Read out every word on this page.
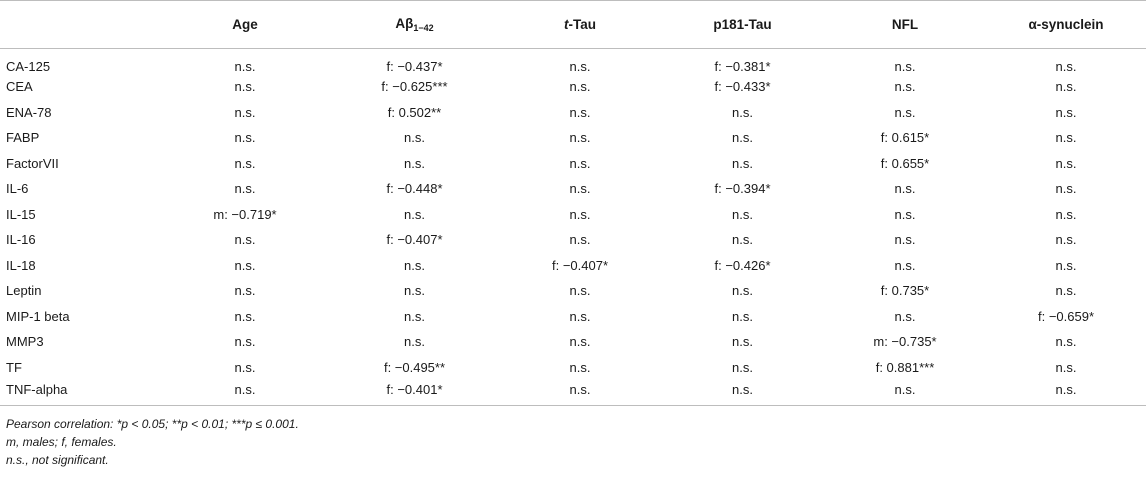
	Age	$A\beta_{1-42}$	t-Tau	p181-Tau	NFL	α-synuclein
CA-125	n.s.	f: −0.437*	n.s.	f: −0.381*	n.s.	n.s.
CEA	n.s.	f: −0.625***	n.s.	f: −0.433*	n.s.	n.s.
ENA-78	n.s.	f: 0.502**	n.s.	n.s.	n.s.	n.s.
FABP	n.s.	n.s.	n.s.	n.s.	f: 0.615*	n.s.
FactorVII	n.s.	n.s.	n.s.	n.s.	f: 0.655*	n.s.
IL-6	n.s.	f: −0.448*	n.s.	f: −0.394*	n.s.	n.s.
IL-15	m: −0.719*	n.s.	n.s.	n.s.	n.s.	n.s.
IL-16	n.s.	f: −0.407*	n.s.	n.s.	n.s.	n.s.
IL-18	n.s.	n.s.	f: −0.407*	f: −0.426*	n.s.	n.s.
Leptin	n.s.	n.s.	n.s.	n.s.	f: 0.735*	n.s.
MIP-1 beta	n.s.	n.s.	n.s.	n.s.	n.s.	f: −0.659*
MMP3	n.s.	n.s.	n.s.	n.s.	m: −0.735*	n.s.
TF	n.s.	f: −0.495**	n.s.	n.s.	f: 0.881***	n.s.
TNF-alpha	n.s.	f: −0.401*	n.s.	n.s.	n.s.	n.s.
Pearson correlation: *p < 0.05; **p < 0.01; ***p ≤ 0.001.
m, males; f, females.
n.s., not significant.
